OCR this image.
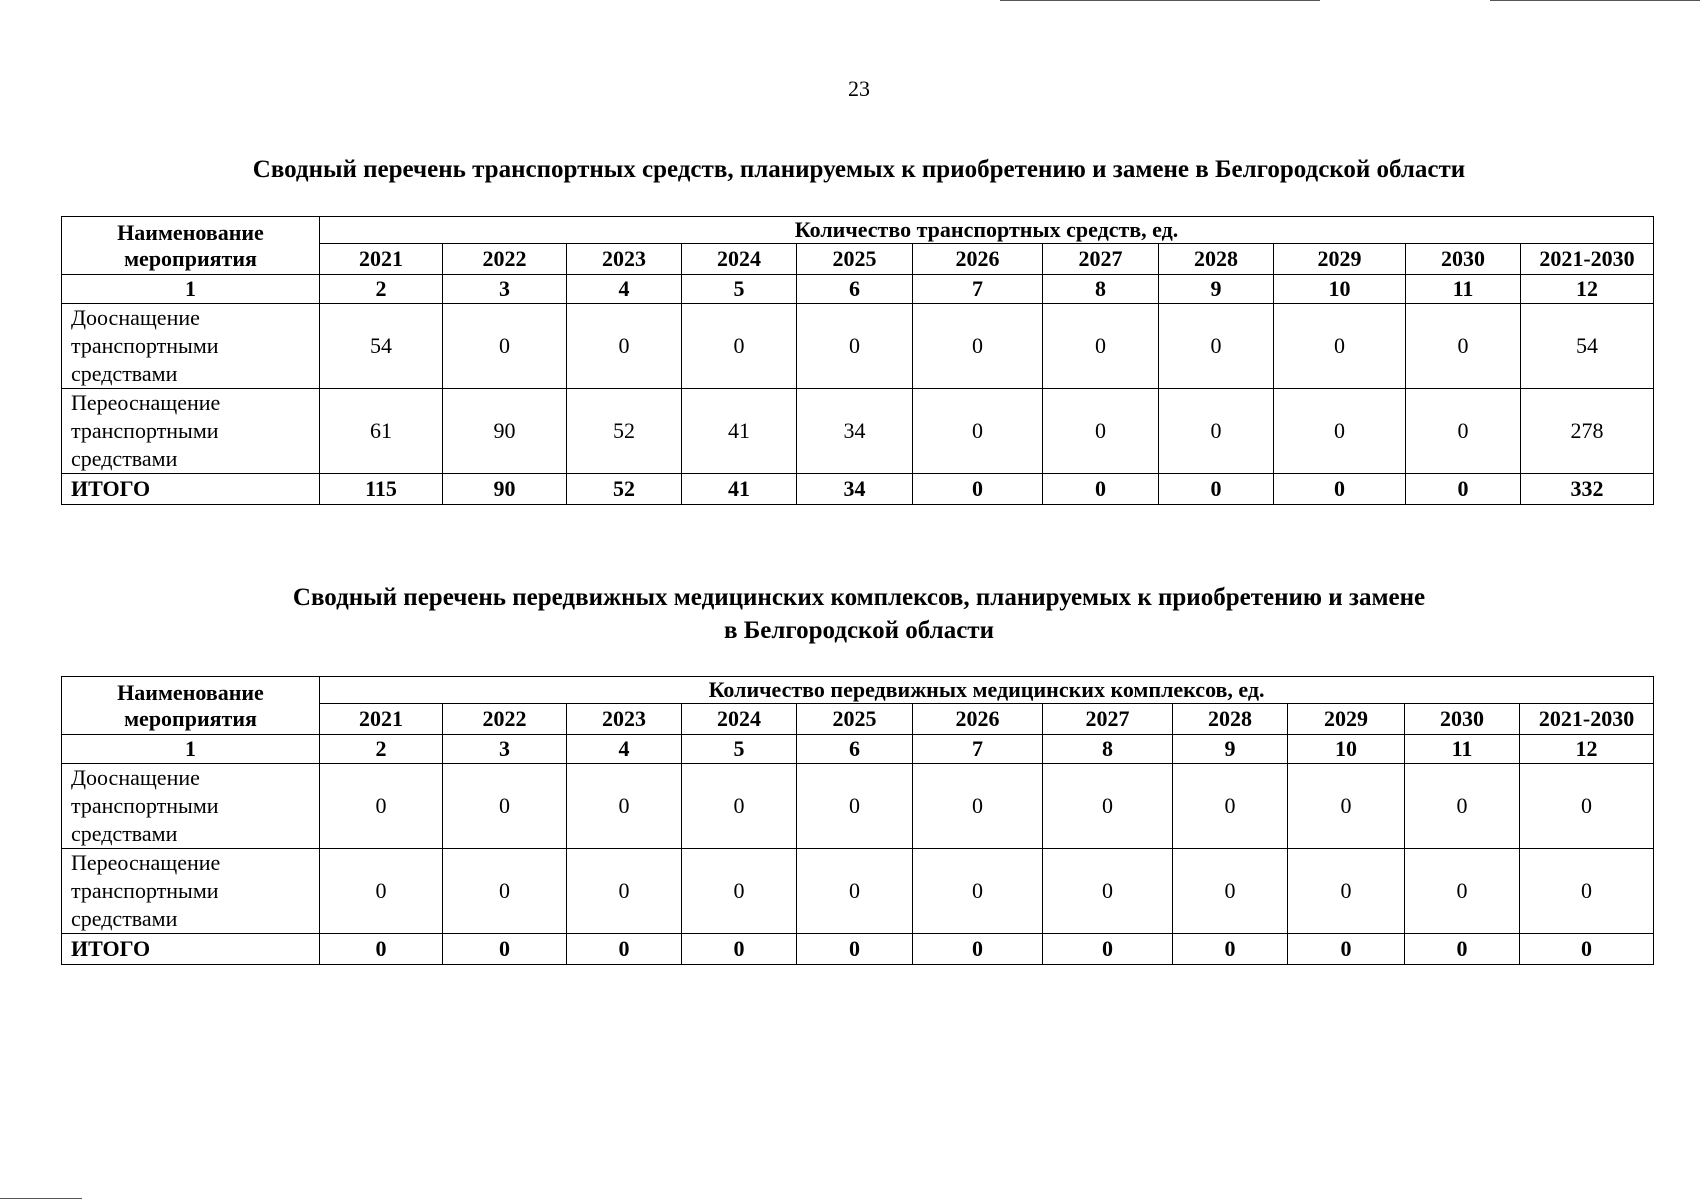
23
Сводный перечень транспортных средств, планируемых к приобретению и замене в Белгородской области
Наименование мероприятия	Количество транспортных средств, ед.										
	2021	2022	2023	2024	2025	2026	2027	2028	2029	2030	2021-2030
1	2	3	4	5	6	7	8	9	10	11	12
Дооснащение транспортными средствами	54	0	0	0	0	0	0	0	0	0	54
Переоснащение транспортными средствами	61	90	52	41	34	0	0	0	0	0	278
ИТОГО	115	90	52	41	34	0	0	0	0	0	332
Сводный перечень передвижных медицинских комплексов, планируемых к приобретению и замене
в Белгородской области
Наименование мероприятия	Количество передвижных медицинских комплексов, ед.										
	2021	2022	2023	2024	2025	2026	2027	2028	2029	2030	2021-2030
1	2	3	4	5	6	7	8	9	10	11	12
Дооснащение транспортными средствами	0	0	0	0	0	0	0	0	0	0	0
Переоснащение транспортными средствами	0	0	0	0	0	0	0	0	0	0	0
ИТОГО	0	0	0	0	0	0	0	0	0	0	0
